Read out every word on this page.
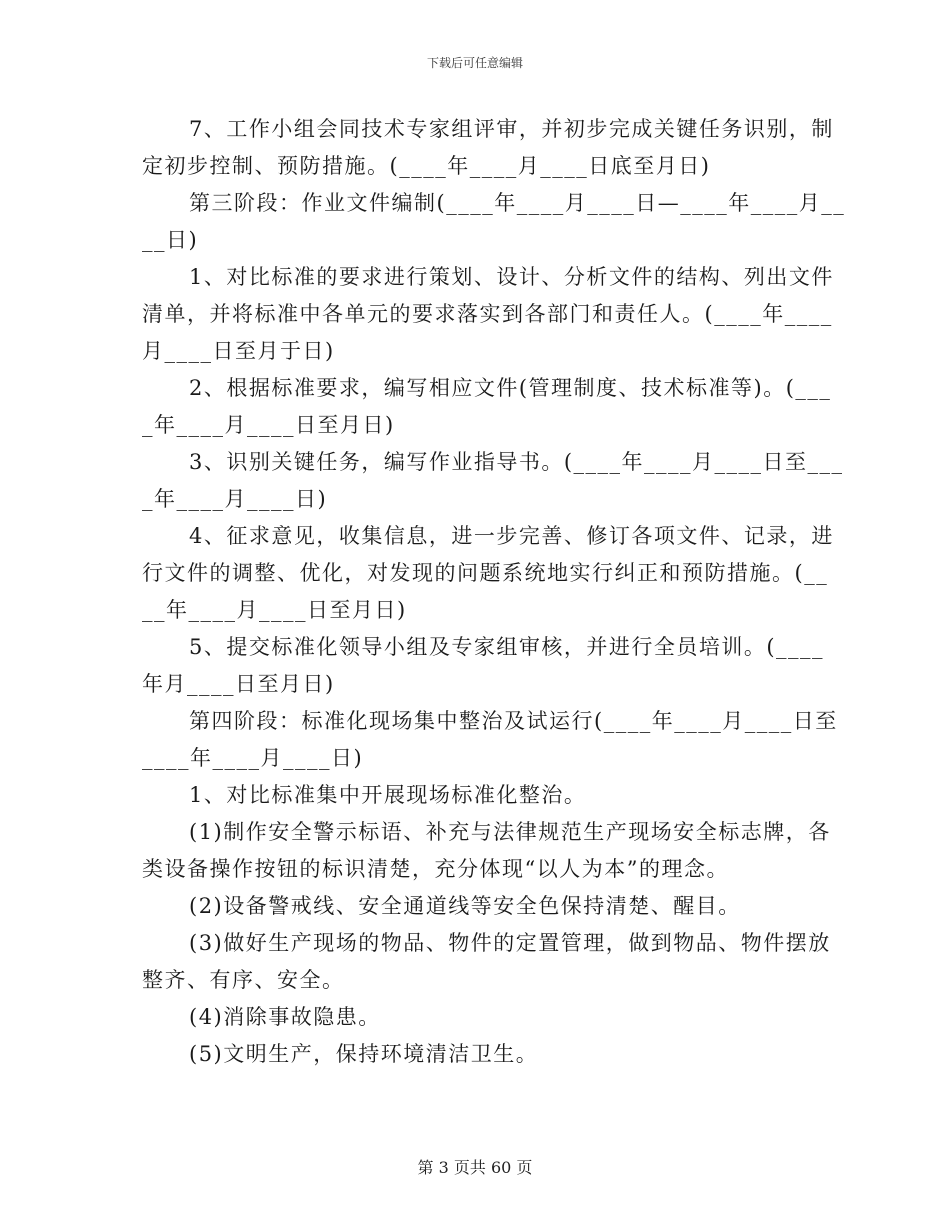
下载后可任意编辑
7、工作小组会同技术专家组评审，并初步完成关键任务识别，制
定初步控制、预防措施。(____年____月____日底至月日)
第三阶段：作业文件编制(____年____月____日—____年____月__
__日)
1、对比标准的要求进行策划、设计、分析文件的结构、列出文件
清单，并将标准中各单元的要求落实到各部门和责任人。(____年____
月____日至月于日)
2、根据标准要求，编写相应文件(管理制度、技术标准等)。(___
_年____月____日至月日)
3、识别关键任务，编写作业指导书。(____年____月____日至___
_年____月____日)
4、征求意见，收集信息，进一步完善、修订各项文件、记录，进
行文件的调整、优化，对发现的问题系统地实行纠正和预防措施。(__
__年____月____日至月日)
5、提交标准化领导小组及专家组审核，并进行全员培训。(____
年月____日至月日)
第四阶段：标准化现场集中整治及试运行(____年____月____日至
____年____月____日)
1、对比标准集中开展现场标准化整治。
(1)制作安全警示标语、补充与法律规范生产现场安全标志牌，各
类设备操作按钮的标识清楚，充分体现“以人为本”的理念。
(2)设备警戒线、安全通道线等安全色保持清楚、醒目。
(3)做好生产现场的物品、物件的定置管理，做到物品、物件摆放
整齐、有序、安全。
(4)消除事故隐患。
(5)文明生产，保持环境清洁卫生。
第 3 页共 60 页
